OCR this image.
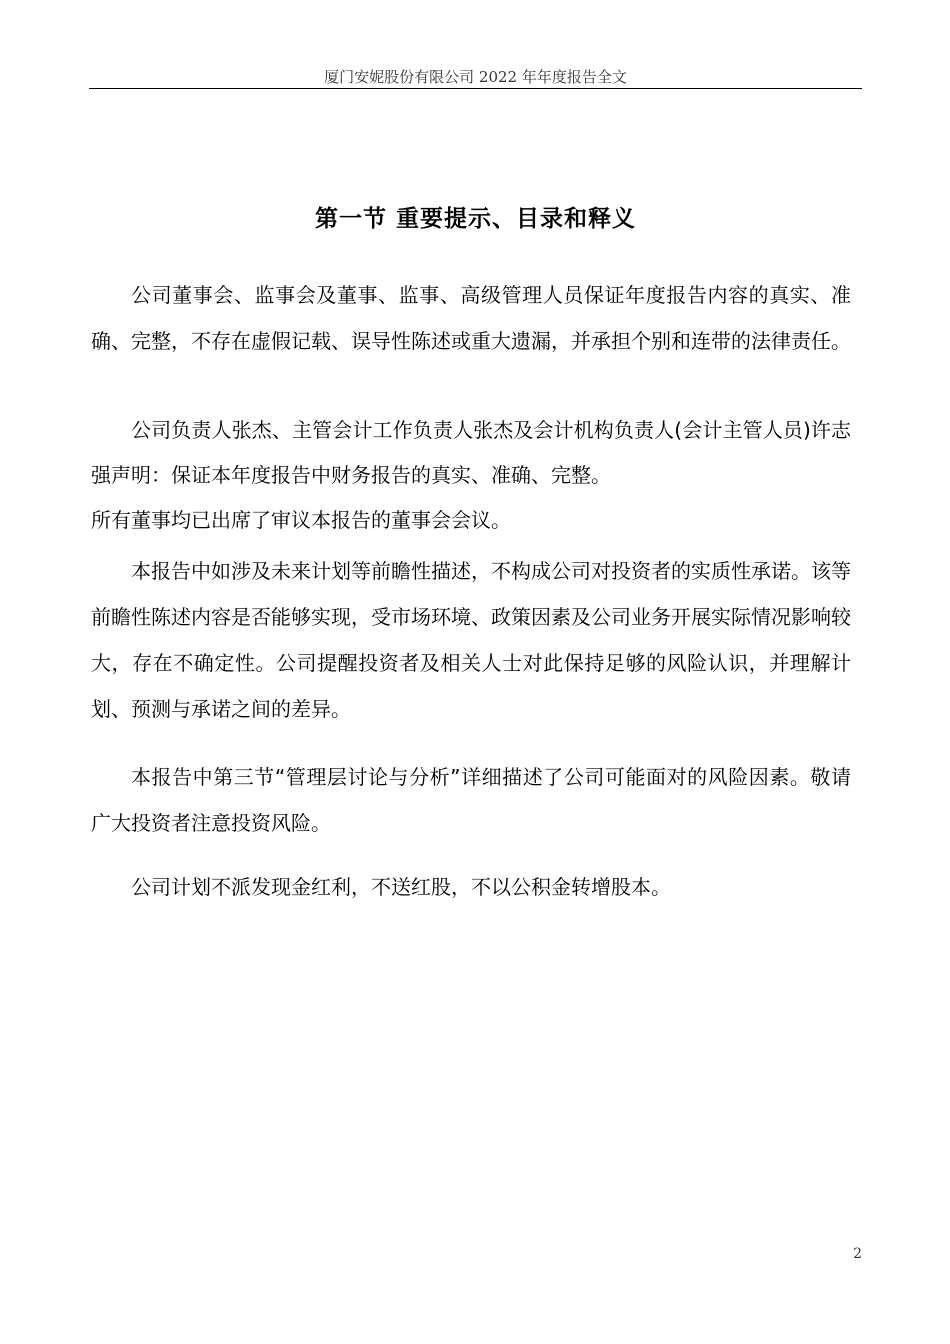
厦门安妮股份有限公司 2022 年年度报告全文
第一节 重要提示、目录和释义

公司董事会、监事会及董事、监事、高级管理人员保证年度报告内容的真实、准确、完整，不存在虚假记载、误导性陈述或重大遗漏，并承担个别和连带的法律责任。

公司负责人张杰、主管会计工作负责人张杰及会计机构负责人(会计主管人员)许志强声明：保证本年度报告中财务报告的真实、准确、完整。

所有董事均已出席了审议本报告的董事会会议。

本报告中如涉及未来计划等前瞻性描述，不构成公司对投资者的实质性承诺。该等前瞻性陈述内容是否能够实现，受市场环境、政策因素及公司业务开展实际情况影响较大，存在不确定性。公司提醒投资者及相关人士对此保持足够的风险认识，并理解计划、预测与承诺之间的差异。

本报告中第三节“管理层讨论与分析”详细描述了公司可能面对的风险因素。敬请广大投资者注意投资风险。

公司计划不派发现金红利，不送红股，不以公积金转增股本。

2
